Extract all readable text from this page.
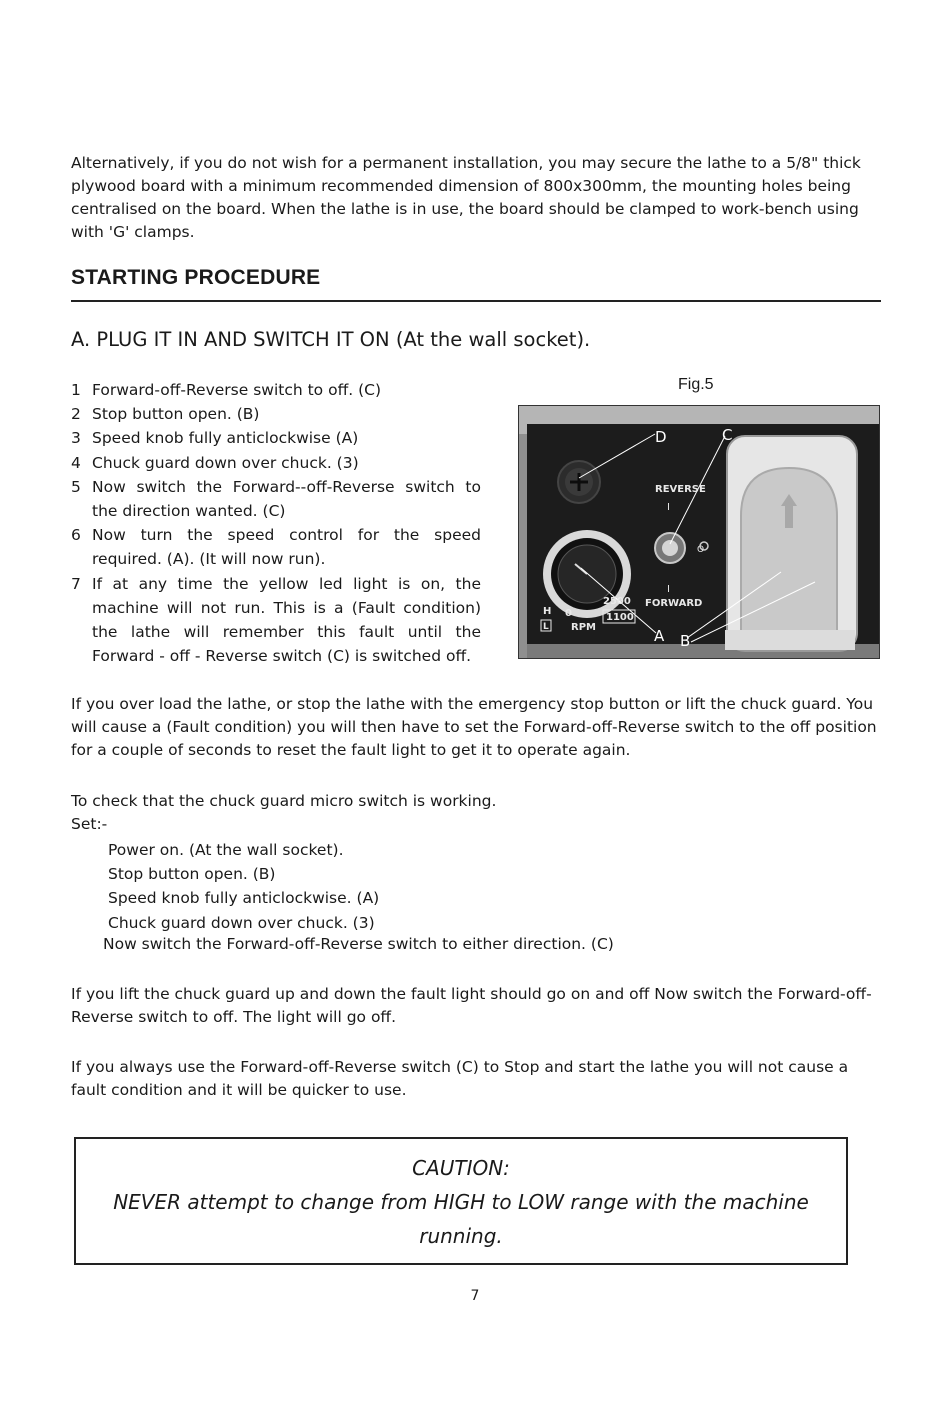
Alternatively, if you do not wish for a permanent installation, you may secure the lathe to a 5/8" thick plywood board with a minimum recommended dimension of 800x300mm, the mounting holes being centralised on the board. When the lathe is in use, the board should be clamped to work-bench using with 'G' clamps.

STARTING PROCEDURE

A. PLUG IT IN AND SWITCH IT ON (At the wall socket).

1 Forward-off-Reverse switch to off. (C)
2 Stop button open. (B)
3 Speed knob fully anticlockwise (A)
4 Chuck guard down over chuck. (3)
5 Now switch the Forward--off-Reverse switch to the direction wanted. (C)
6 Now turn the speed control for the speed required. (A). (It will now run).
7 If at any time the yellow led light is on, the machine will not run. This is a (Fault condition) the lathe will remember this fault until the Forward - off - Reverse switch (C) is switched off.

Fig.5

REVERSE
I
I
FORWARD
O
H
L
0
RPM
2500
1100
D	C
A B

If you over load the lathe, or stop the lathe with the emergency stop button or lift the chuck guard. You will cause a (Fault condition) you will then have to set the Forward-off-Reverse switch to the off position for a couple of seconds to reset the fault light to get it to operate again.

To check that the chuck guard micro switch is working.
Set:-

Power on. (At the wall socket).
Stop button open. (B)
Speed knob fully anticlockwise. (A)
Chuck guard down over chuck. (3)

Now switch the Forward-off-Reverse switch to either direction. (C)

If you lift the chuck guard up and down the fault light should go on and off Now switch the Forward-off-Reverse switch to off. The light will go off.

If you always use the Forward-off-Reverse switch (C) to Stop and start the lathe you will not cause a fault condition and it will be quicker to use.

CAUTION:

NEVER attempt to change from HIGH to LOW range with the machine

running.

7
